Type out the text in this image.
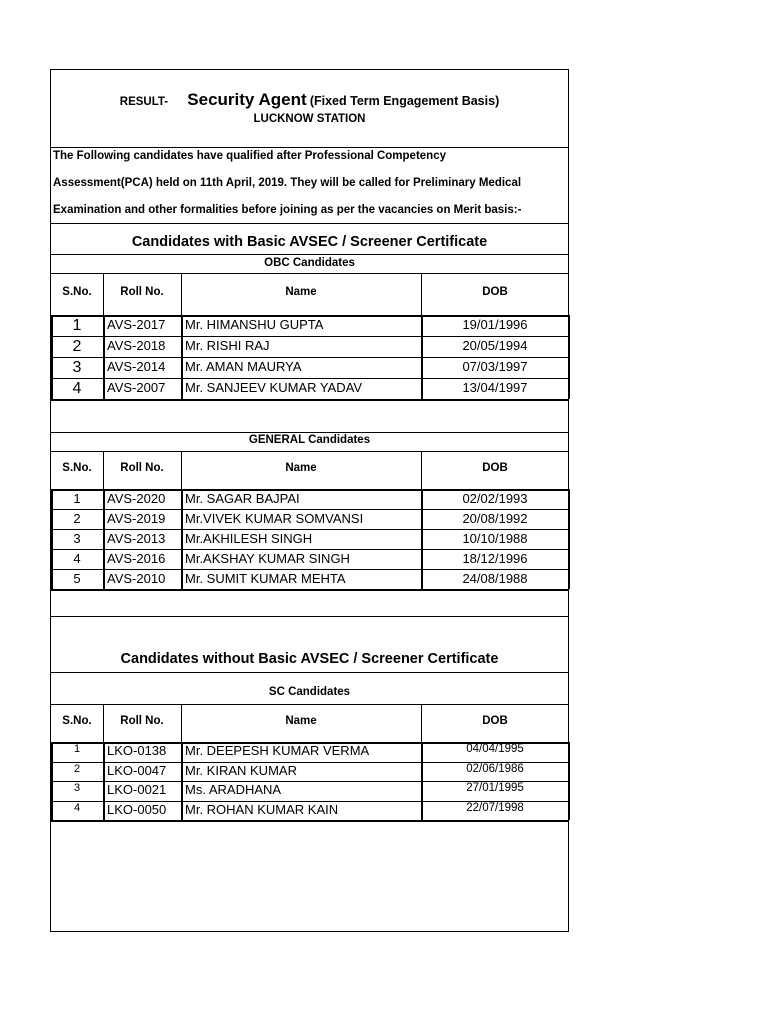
RESULT- Security Agent (Fixed Term Engagement Basis)
LUCKNOW STATION
The Following candidates have qualified after Professional Competency
Assessment(PCA) held on 11th April, 2019. They will be called for Preliminary Medical
Examination and other formalities before joining as per the vacancies on Merit basis:-
Candidates with Basic AVSEC / Screener Certificate
OBC Candidates
S.No.	Roll No.	Name	DOB
1	AVS-2017 Mr. HIMANSHU GUPTA	19/01/1996
2	AVS-2018 Mr. RISHI RAJ	20/05/1994
3	AVS-2014 Mr. AMAN MAURYA	07/03/1997
4	AVS-2007 Mr. SANJEEV KUMAR YADAV	13/04/1997
GENERAL Candidates
S.No.	Roll No.	Name	DOB
1	AVS-2020 Mr. SAGAR BAJPAI	02/02/1993
2	AVS-2019 Mr.VIVEK KUMAR SOMVANSI	20/08/1992
3	AVS-2013 Mr.AKHILESH SINGH	10/10/1988
4	AVS-2016 Mr.AKSHAY KUMAR SINGH	18/12/1996
5	AVS-2010 Mr. SUMIT KUMAR MEHTA	24/08/1988
Candidates without Basic AVSEC / Screener Certificate
SC Candidates
S.No.	Roll No.	Name	DOB
1	LKO-0138 Mr. DEEPESH KUMAR VERMA	04/04/1995
2	LKO-0047 Mr. KIRAN KUMAR	02/06/1986
3	LKO-0021 Ms. ARADHANA	27/01/1995
4	LKO-0050 Mr. ROHAN KUMAR KAIN	22/07/1998
